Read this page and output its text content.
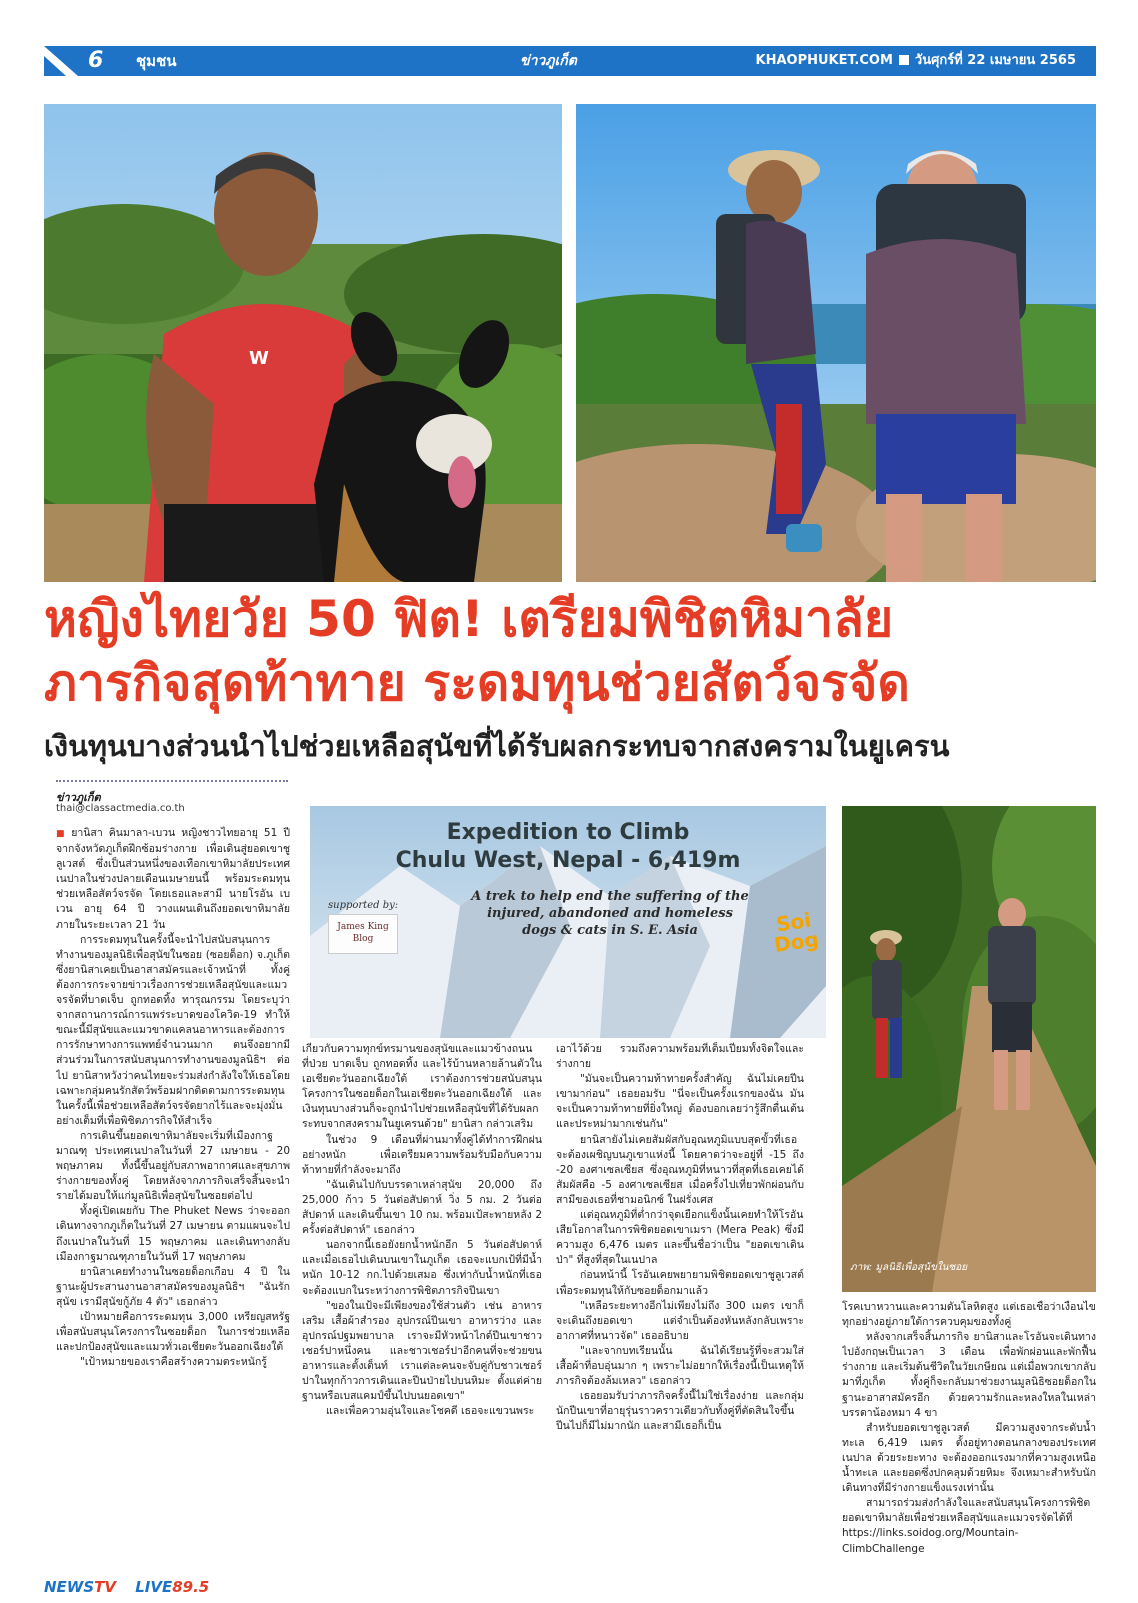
6 ชุมชน	ข่าวภูเก็ต	KHAOPHUKET.COM วันศุกร์ที่ 22 เมษายน 2565
W
หญิงไทยวัย 50 ฟิต! เตรียมพิชิตหิมาลัย
ภารกิจสุดท้าทาย ระดมทุนช่วยสัตว์จรจัด
เงินทุนบางส่วนนำไปช่วยเหลือสุนัขที่ได้รับผลกระทบจากสงครามในยูเครน
ข่าวภูเก็ต
thai@classactmedia.co.th
Expedition to Climb
Chulu West, Nepal - 6,419m
A trek to help end the suffering of the
injured, abandoned and homeless
dogs & cats in S. E. Asia
supported by:
James King Blog
Soi Dog
ภาพ: มูลนิธิเพื่อสุนัขในซอย

■ ยานิสา คินมาลา-เบวน หญิงชาวไทยอายุ 51 ปี จากจังหวัดภูเก็ตฝึกซ้อมร่างกาย เพื่อเดินสู่ยอดเขาชูลูเวสต์ ซึ่งเป็นส่วนหนึ่งของเทือกเขาหิมาลัยประเทศเนปาลในช่วงปลายเดือนเมษายนนี้ พร้อมระดมทุนช่วยเหลือสัตว์จรจัด โดยเธอและสามี นายโรอัน เบเวน อายุ 64 ปี วางแผนเดินถึงยอดเขาหิมาลัยภายในระยะเวลา 21 วัน

การระดมทุนในครั้งนี้จะนำไปสนับสนุนการทำงานของมูลนิธิเพื่อสุนัขในซอย (ซอยด็อก) จ.ภูเก็ต ซึ่งยานิสาเคยเป็นอาสาสมัครและเจ้าหน้าที่ ทั้งคู่ต้องการกระจายข่าวเรื่องการช่วยเหลือสุนัขและแมวจรจัดที่บาดเจ็บ ถูกทอดทิ้ง ทารุณกรรม โดยระบุว่าจากสถานการณ์การแพร่ระบาดของโควิด-19 ทำให้ขณะนี้มีสุนัขและแมวขาดแคลนอาหารและต้องการการรักษาทางการแพทย์จำนวนมาก ตนจึงอยากมีส่วนร่วมในการสนับสนุนการทำงานของมูลนิธิฯ ต่อไป ยานิสาหวังว่าคนไทยจะร่วมส่งกำลังใจให้เธอโดยเฉพาะกลุ่มคนรักสัตว์พร้อมฝากติดตามการระดมทุนในครั้งนี้เพื่อช่วยเหลือสัตว์จรจัดยากไร้และจะมุ่งมั่นอย่างเต็มที่เพื่อพิชิตภารกิจให้สำเร็จ

การเดินขึ้นยอดเขาหิมาลัยจะเริ่มที่เมืองกาฐมาณฑุ ประเทศเนปาลในวันที่ 27 เมษายน - 20 พฤษภาคม ทั้งนี้ขึ้นอยู่กับสภาพอากาศและสุขภาพร่างกายของทั้งคู่ โดยหลังจากภารกิจเสร็จสิ้นจะนำรายได้มอบให้แก่มูลนิธิเพื่อสุนัขในซอยต่อไป

ทั้งคู่เปิดเผยกับ The Phuket News ว่าจะออกเดินทางจากภูเก็ตในวันที่ 27 เมษายน ตามแผนจะไปถึงเนปาลในวันที่ 15 พฤษภาคม และเดินทางกลับเมืองกาฐมาณฑุภายในวันที่ 17 พฤษภาคม

ยานิสาเคยทำงานในซอยด็อกเกือบ 4 ปี ในฐานะผู้ประสานงานอาสาสมัครของมูลนิธิฯ "ฉันรักสุนัข เรามีสุนัขกู้ภัย 4 ตัว" เธอกล่าว

เป้าหมายคือการระดมทุน 3,000 เหรียญสหรัฐ เพื่อสนับสนุนโครงการในซอยด็อก ในการช่วยเหลือและปกป้องสุนัขและแมวทั่วเอเชียตะวันออกเฉียงใต้

"เป้าหมายของเราคือสร้างความตระหนักรู้

เกี่ยวกับความทุกข์ทรมานของสุนัขและแมวข้างถนน ที่ป่วย บาดเจ็บ ถูกทอดทิ้ง และไร้บ้านหลายล้านตัวในเอเชียตะวันออกเฉียงใต้ เราต้องการช่วยสนับสนุนโครงการในซอยด็อกในเอเชียตะวันออกเฉียงใต้ และเงินทุนบางส่วนก็จะถูกนำไปช่วยเหลือสุนัขที่ได้รับผลกระทบจากสงครามในยูเครนด้วย" ยานิสา กล่าวเสริม

ในช่วง 9 เดือนที่ผ่านมาทั้งคู่ได้ทำการฝึกฝนอย่างหนัก เพื่อเตรียมความพร้อมรับมือกับความท้าทายที่กำลังจะมาถึง

"ฉันเดินไปกับบรรดาเหล่าสุนัข 20,000 ถึง 25,000 ก้าว 5 วันต่อสัปดาห์ วิ่ง 5 กม. 2 วันต่อสัปดาห์ และเดินขึ้นเขา 10 กม. พร้อมเป้สะพายหลัง 2 ครั้งต่อสัปดาห์" เธอกล่าว

นอกจากนี้เธอยังยกน้ำหนักอีก 5 วันต่อสัปดาห์ และเมื่อเธอไปเดินบนเขาในภูเก็ต เธอจะแบกเป้ที่มีน้ำหนัก 10-12 กก.ไปด้วยเสมอ ซึ่งเท่ากับน้ำหนักที่เธอจะต้องแบกในระหว่างการพิชิตภารกิจปีนเขา

"ของในเป้จะมีเพียงของใช้ส่วนตัว เช่น อาหารเสริม เสื้อผ้าสำรอง อุปกรณ์ปีนเขา อาหารว่าง และอุปกรณ์ปฐมพยาบาล เราจะมีหัวหน้าไกด์ปีนเขาชาวเชอร์ปาหนึ่งคน และชาวเชอร์ปาอีกคนที่จะช่วยขนอาหารและตั้งเต็นท์ เราแต่ละคนจะจับคู่กับชาวเชอร์ปาในทุกก้าวการเดินและปีนป่ายไปบนหิมะ ตั้งแต่ค่ายฐานหรือเบสแคมป์ขึ้นไปบนยอดเขา"

และเพื่อความอุ่นใจและโชคดี เธอจะแขวนพระ

เอาไว้ด้วย รวมถึงความพร้อมที่เต็มเปี่ยมทั้งจิตใจและร่างกาย

"มันจะเป็นความท้าทายครั้งสำคัญ ฉันไม่เคยปีนเขามาก่อน" เธอยอมรับ "นี่จะเป็นครั้งแรกของฉัน มันจะเป็นความท้าทายที่ยิ่งใหญ่ ต้องบอกเลยว่ารู้สึกตื่นเต้นและประหม่ามากเช่นกัน"

ยานิสายังไม่เคยสัมผัสกับอุณหภูมิแบบสุดขั้วที่เธอจะต้องเผชิญบนภูเขาแห่งนี้ โดยคาดว่าจะอยู่ที่ -15 ถึง -20 องศาเซลเซียส ซึ่งอุณหภูมิที่หนาวที่สุดที่เธอเคยได้สัมผัสคือ -5 องศาเซลเซียส เมื่อครั้งไปเที่ยวพักผ่อนกับสามีของเธอที่ชามอนิกซ์ ในฝรั่งเศส

แต่อุณหภูมิที่ต่ำกว่าจุดเยือกแข็งนั้นเคยทำให้โรอันเสียโอกาสในการพิชิตยอดเขาเมรา (Mera Peak) ซึ่งมีความสูง 6,476 เมตร และขึ้นชื่อว่าเป็น "ยอดเขาเดินป่า" ที่สูงที่สุดในเนปาล

ก่อนหน้านี้ โรอันเคยพยายามพิชิตยอดเขาชูลูเวสต์ เพื่อระดมทุนให้กับซอยด็อกมาแล้ว

"เหลือระยะทางอีกไม่เพียงไม่ถึง 300 เมตร เขาก็จะเดินถึงยอดเขา แต่จำเป็นต้องหันหลังกลับเพราะอากาศที่หนาวจัด" เธออธิบาย

"และจากบทเรียนนั้น ฉันได้เรียนรู้ที่จะสวมใส่เสื้อผ้าที่อบอุ่นมาก ๆ เพราะไม่อยากให้เรื่องนี้เป็นเหตุให้ภารกิจต้องล้มเหลว" เธอกล่าว

เธอยอมรับว่าภารกิจครั้งนี้ไม่ใช่เรื่องง่าย และกลุ่มนักปีนเขาที่อายุรุ่นราวคราวเดียวกับทั้งคู่ที่ตัดสินใจขึ้นปีนไปก็มีไม่มากนัก และสามีเธอก็เป็น

โรคเบาหวานและความดันโลหิตสูง แต่เธอเชื่อว่าเงื่อนไขทุกอย่างอยู่ภายใต้การควบคุมของทั้งคู่

หลังจากเสร็จสิ้นภารกิจ ยานิสาและโรอันจะเดินทางไปอังกฤษเป็นเวลา 3 เดือน เพื่อพักผ่อนและพักฟื้นร่างกาย และเริ่มต้นชีวิตในวัยเกษียณ แต่เมื่อพวกเขากลับมาที่ภูเก็ต ทั้งคู่ก็จะกลับมาช่วยงานมูลนิธิซอยด็อกในฐานะอาสาสมัครอีก ด้วยความรักและหลงใหลในเหล่าบรรดาน้องหมา 4 ขา

สำหรับยอดเขาชูลูเวสต์ มีความสูงจากระดับน้ำทะเล 6,419 เมตร ตั้งอยู่ทางตอนกลางของประเทศเนปาล ด้วยระยะทาง จะต้องออกแรงมากที่ความสูงเหนือน้ำทะเล และยอดซึ่งปกคลุมด้วยหิมะ จึงเหมาะสำหรับนักเดินทางที่มีร่างกายแข็งแรงเท่านั้น

สามารถร่วมส่งกำลังใจและสนับสนุนโครงการพิชิตยอดเขาหิมาลัยเพื่อช่วยเหลือสุนัขและแมวจรจัดได้ที่ https://links.soidog.org/Mountain-ClimbChallenge

NEWSTV LIVE89.5
